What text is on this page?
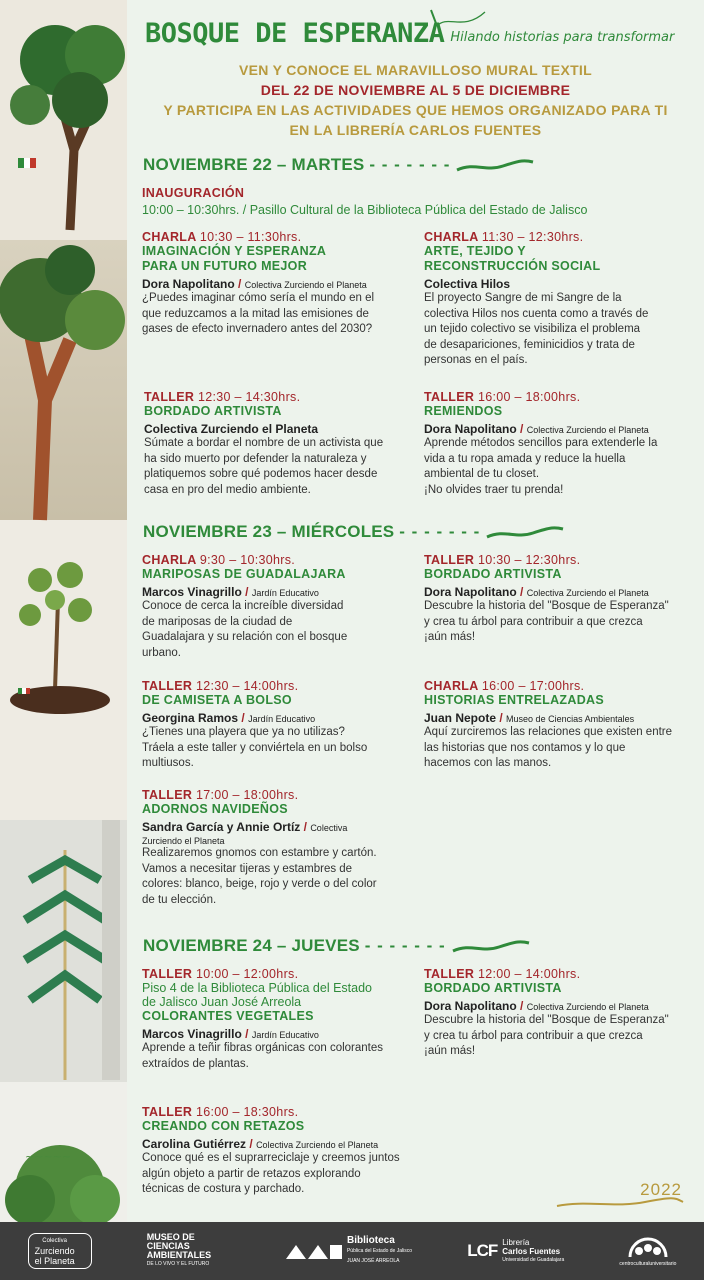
~~~~~
BOSQUE DE ESPERANZA Hilando historias para transformar
VEN Y CONOCE EL MARAVILLOSO MURAL TEXTIL
DEL 22 DE NOVIEMBRE AL 5 DE DICIEMBRE
Y PARTICIPA EN LAS ACTIVIDADES QUE HEMOS ORGANIZADO PARA TI
EN LA LIBRERÍA CARLOS FUENTES
NOVIEMBRE 22 – MARTES - - - - - - -
INAUGURACIÓN
10:00 – 10:30hrs. / Pasillo Cultural de la Biblioteca Pública del Estado de Jalisco
CHARLA 10:30 – 11:30hrs.
IMAGINACIÓN Y ESPERANZA
PARA UN FUTURO MEJOR
Dora Napolitano / Colectiva Zurciendo el Planeta
¿Puedes imaginar cómo sería el mundo en el
que reduzcamos a la mitad las emisiones de
gases de efecto invernadero antes del 2030?
CHARLA 11:30 – 12:30hrs.
ARTE, TEJIDO Y
RECONSTRUCCIÓN SOCIAL
Colectiva Hilos
El proyecto Sangre de mi Sangre de la
colectiva Hilos nos cuenta como a través de
un tejido colectivo se visibiliza el problema
de desapariciones, feminicidios y trata de
personas en el país.
TALLER 12:30 – 14:30hrs.
BORDADO ARTIVISTA
Colectiva Zurciendo el Planeta
Súmate a bordar el nombre de un activista que
ha sido muerto por defender la naturaleza y
platiquemos sobre qué podemos hacer desde
casa en pro del medio ambiente.
TALLER 16:00 – 18:00hrs.
REMIENDOS
Dora Napolitano / Colectiva Zurciendo el Planeta
Aprende métodos sencillos para extenderle la
vida a tu ropa amada y reduce la huella
ambiental de tu closet.
¡No olvides traer tu prenda!
NOVIEMBRE 23 – MIÉRCOLES - - - - - - -
CHARLA 9:30 – 10:30hrs.
MARIPOSAS DE GUADALAJARA
Marcos Vinagrillo / Jardín Educativo
Conoce de cerca la increíble diversidad
de mariposas de la ciudad de
Guadalajara y su relación con el bosque
urbano.
TALLER 10:30 – 12:30hrs.
BORDADO ARTIVISTA
Dora Napolitano / Colectiva Zurciendo el Planeta
Descubre la historia del "Bosque de Esperanza"
y crea tu árbol para contribuir a que crezca
¡aún más!
TALLER 12:30 – 14:00hrs.
DE CAMISETA A BOLSO
Georgina Ramos / Jardín Educativo
¿Tienes una playera que ya no utilizas?
Tráela a este taller y conviértela en un bolso
multiusos.
CHARLA 16:00 – 17:00hrs.
HISTORIAS ENTRELAZADAS
Juan Nepote / Museo de Ciencias Ambientales
Aquí zurciremos las relaciones que existen entre
las historias que nos contamos y lo que
hacemos con las manos.
TALLER 17:00 – 18:00hrs.
ADORNOS NAVIDEÑOS
Sandra García y Annie Ortíz / Colectiva
Zurciendo el Planeta
Realizaremos gnomos con estambre y cartón.
Vamos a necesitar tijeras y estambres de
colores: blanco, beige, rojo y verde o del color
de tu elección.
NOVIEMBRE 24 – JUEVES - - - - - - -
TALLER 10:00 – 12:00hrs.
Piso 4 de la Biblioteca Pública del Estado
de Jalisco Juan José Arreola
COLORANTES VEGETALES
Marcos Vinagrillo / Jardín Educativo
Aprende a teñir fibras orgánicas con colorantes
extraídos de plantas.
TALLER 12:00 – 14:00hrs.
BORDADO ARTIVISTA
Dora Napolitano / Colectiva Zurciendo el Planeta
Descubre la historia del "Bosque de Esperanza"
y crea tu árbol para contribuir a que crezca
¡aún más!
TALLER 16:00 – 18:30hrs.
CREANDO CON RETAZOS
Carolina Gutiérrez / Colectiva Zurciendo el Planeta
Conoce qué es el suprarreciclaje y creemos juntos
algún objeto a partir de retazos explorando
técnicas de costura y parchado.	2022
Colectiva
Zurciendo
el Planeta
MUSEO DE
CIENCIAS
AMBIENTALES
DE LO VIVO Y EL FUTURO
Biblioteca
Pública del Estado de Jalisco
JUAN JOSÉ ARREOLA
LCF Librería
Carlos Fuentes
Universidad de Guadalajara
centroculturaluniversitario
